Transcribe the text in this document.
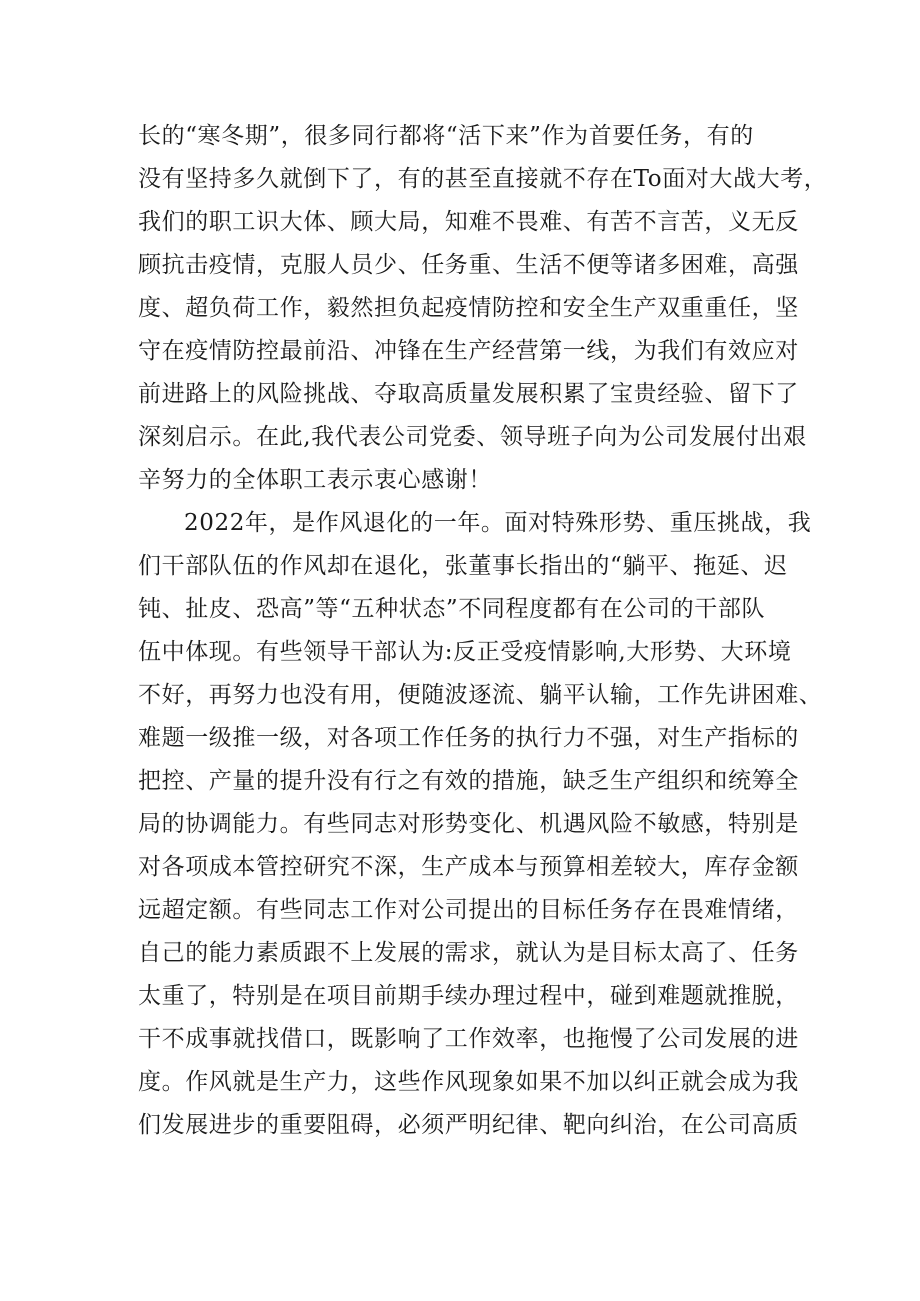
长的“寒冬期”，很多同行都将“活下来”作为首要任务，有的
没有坚持多久就倒下了，有的甚至直接就不存在To面对大战大考，
我们的职工识大体、顾大局，知难不畏难、有苦不言苦，义无反
顾抗击疫情，克服人员少、任务重、生活不便等诸多困难，高强
度、超负荷工作，毅然担负起疫情防控和安全生产双重重任，坚
守在疫情防控最前沿、冲锋在生产经营第一线，为我们有效应对
前进路上的风险挑战、夺取高质量发展积累了宝贵经验、留下了
深刻启示。在此,我代表公司党委、领导班子向为公司发展付出艰
辛努力的全体职工表示衷心感谢！
2022年，是作风退化的一年。面对特殊形势、重压挑战，我
们干部队伍的作风却在退化，张董事长指出的“躺平、拖延、迟
钝、扯皮、恐高”等“五种状态”不同程度都有在公司的干部队
伍中体现。有些领导干部认为:反正受疫情影响,大形势、大环境
不好，再努力也没有用，便随波逐流、躺平认输，工作先讲困难、
难题一级推一级，对各项工作任务的执行力不强，对生产指标的
把控、产量的提升没有行之有效的措施，缺乏生产组织和统筹全
局的协调能力。有些同志对形势变化、机遇风险不敏感，特别是
对各项成本管控研究不深，生产成本与预算相差较大，库存金额
远超定额。有些同志工作对公司提出的目标任务存在畏难情绪，
自己的能力素质跟不上发展的需求，就认为是目标太高了、任务
太重了，特别是在项目前期手续办理过程中，碰到难题就推脱，
干不成事就找借口，既影响了工作效率，也拖慢了公司发展的进
度。作风就是生产力，这些作风现象如果不加以纠正就会成为我
们发展进步的重要阻碍，必须严明纪律、靶向纠治，在公司高质
